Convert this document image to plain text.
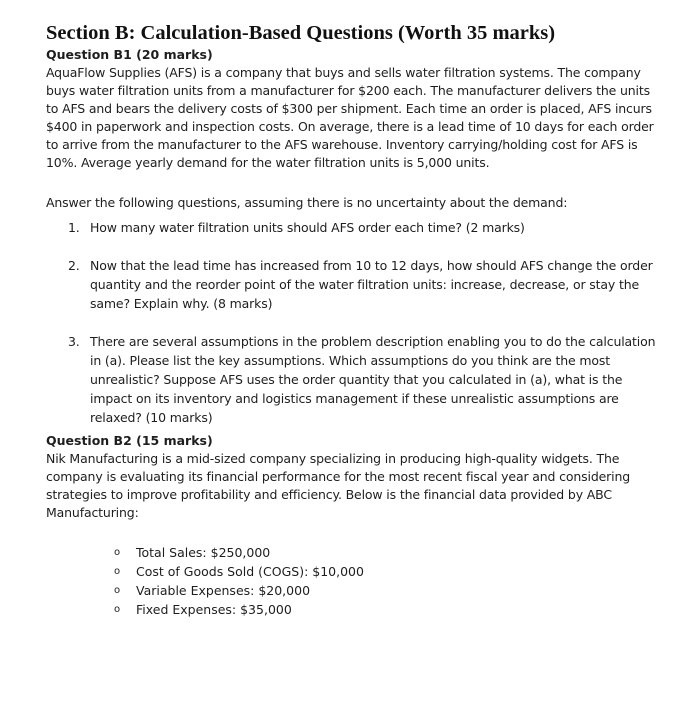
Section B: Calculation-Based Questions (Worth 35 marks)

Question B1 (20 marks)

AquaFlow Supplies (AFS) is a company that buys and sells water filtration systems. The company buys water filtration units from a manufacturer for $200 each. The manufacturer delivers the units to AFS and bears the delivery costs of $300 per shipment. Each time an order is placed, AFS incurs $400 in paperwork and inspection costs. On average, there is a lead time of 10 days for each order to arrive from the manufacturer to the AFS warehouse. Inventory carrying/holding cost for AFS is 10%. Average yearly demand for the water filtration units is 5,000 units.

Answer the following questions, assuming there is no uncertainty about the demand:

1. How many water filtration units should AFS order each time? (2 marks)
2. Now that the lead time has increased from 10 to 12 days, how should AFS change the order quantity and the reorder point of the water filtration units: increase, decrease, or stay the same? Explain why. (8 marks)
3. There are several assumptions in the problem description enabling you to do the calculation in (a). Please list the key assumptions. Which assumptions do you think are the most unrealistic? Suppose AFS uses the order quantity that you calculated in (a), what is the impact on its inventory and logistics management if these unrealistic assumptions are relaxed? (10 marks)

Question B2 (15 marks)

Nik Manufacturing is a mid-sized company specializing in producing high-quality widgets. The company is evaluating its financial performance for the most recent fiscal year and considering strategies to improve profitability and efficiency. Below is the financial data provided by ABC Manufacturing:

o	Total Sales: $250,000
o	Cost of Goods Sold (COGS): $10,000
o	Variable Expenses: $20,000
o	Fixed Expenses: $35,000
